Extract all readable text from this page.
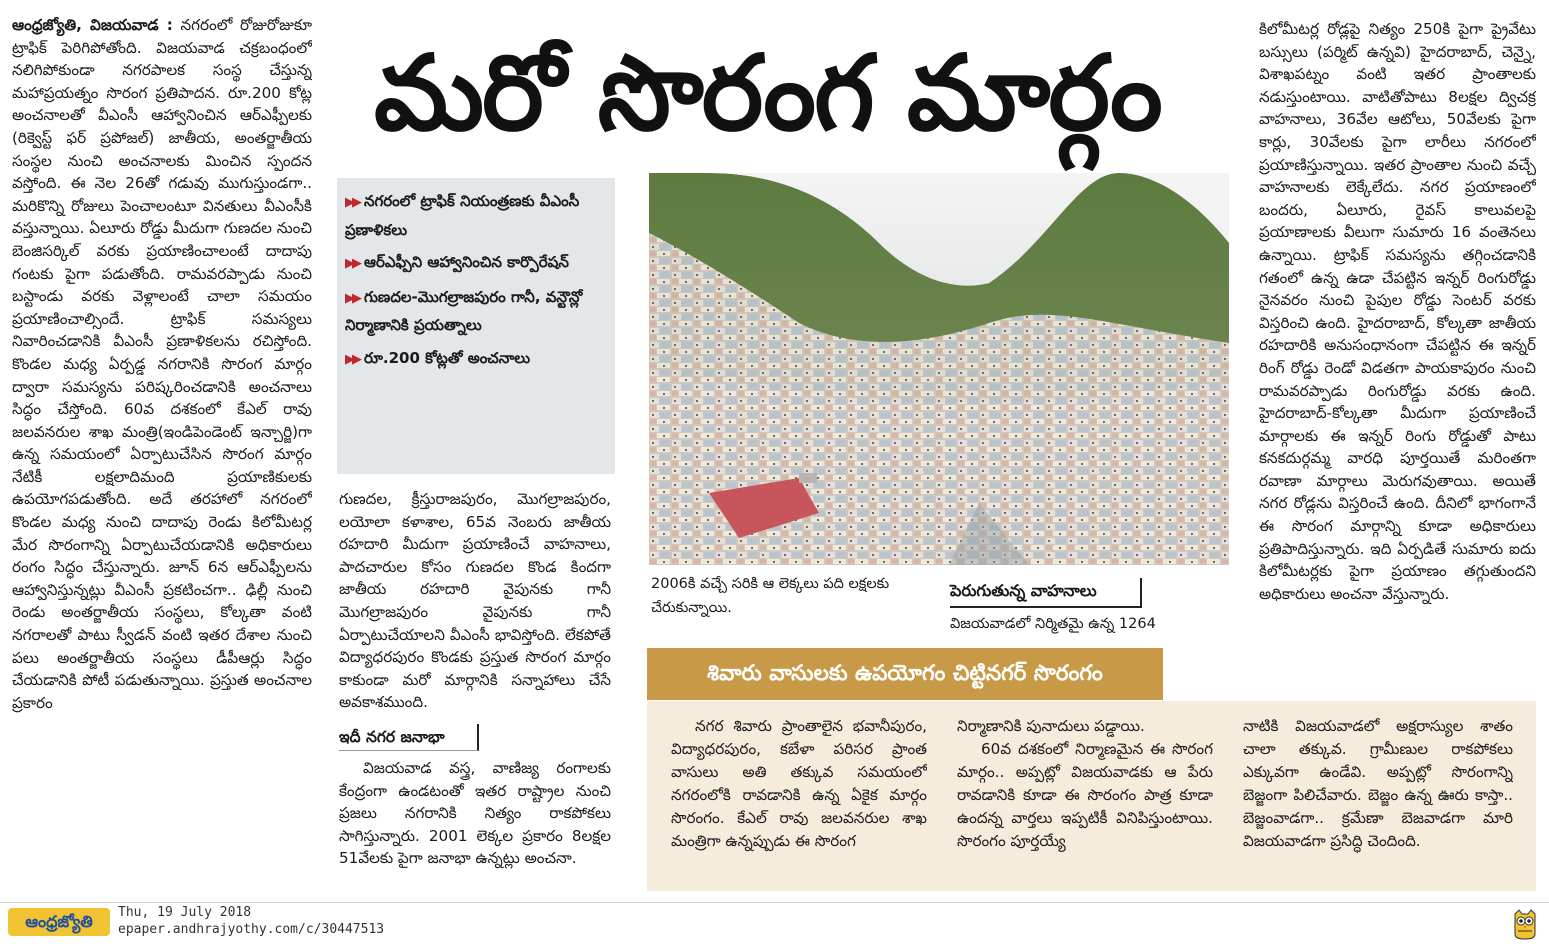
ఆంధ్రజ్యోతి, విజయవాడ : నగరంలో రోజురోజుకూ ట్రాఫిక్ పెరిగిపోతోంది. విజయవాడ చక్రబంధంలో నలిగిపోకుండా నగరపాలక సంస్థ చేస్తున్న మహాప్రయత్నం సొరంగ ప్రతిపాదన. రూ.200 కోట్ల అంచనాలతో వీఎంసీ ఆహ్వానించిన ఆర్ఎఫ్పీలకు (రిక్వెస్ట్ ఫర్ ప్రపోజల్) జాతీయ, అంతర్జాతీయ సంస్థల నుంచి అంచనాలకు మించిన స్పందన వస్తోంది. ఈ నెల 26తో గడువు ముగుస్తుండగా.. మరికొన్ని రోజులు పెంచాలంటూ వినతులు వీఎంసీకి వస్తున్నాయి. ఏలూరు రోడ్డు మీదుగా గుణదల నుంచి బెంజిసర్కిల్ వరకు ప్రయాణించాలంటే దాదాపు గంటకు పైగా పడుతోంది. రామవరప్పాడు నుంచి బస్టాండు వరకు వెళ్లాలంటే చాలా సమయం ప్రయాణించాల్సిందే. ట్రాఫిక్ సమస్యలు నివారించడానికి వీఎంసీ ప్రణాళికలను రచిస్తోంది. కొండల మధ్య ఏర్పడ్డ నగరానికి సొరంగ మార్గం ద్వారా సమస్యను పరిష్కరించడానికి అంచనాలు సిద్ధం చేస్తోంది. 60వ దశకంలో కేఎల్ రావు జలవనరుల శాఖ మంత్రి(ఇండిపెండెంట్ ఇన్చార్జి)గా ఉన్న సమయంలో ఏర్పాటుచేసిన సొరంగ మార్గం నేటికీ లక్షలాదిమంది ప్రయాణికులకు ఉపయోగపడుతోంది. అదే తరహాలో నగరంలో కొండల మధ్య నుంచి దాదాపు రెండు కిలోమీటర్ల మేర సొరంగాన్ని ఏర్పాటుచేయడానికి అధికారులు రంగం సిద్ధం చేస్తున్నారు. జూన్ 6న ఆర్ఎఫ్పీలను ఆహ్వానిస్తున్నట్లు వీఎంసీ ప్రకటించగా.. ఢిల్లీ నుంచి రెండు అంతర్జాతీయ సంస్థలు, కోల్కతా వంటి నగరాలతో పాటు స్వీడన్ వంటి ఇతర దేశాల నుంచి పలు అంతర్జాతీయ సంస్థలు డీపీఆర్లు సిద్ధం చేయడానికి పోటీ పడుతున్నాయి. ప్రస్తుత అంచనాల ప్రకారం

మరో సొరంగ మార్గం

▶▶ నగరంలో ట్రాఫిక్ నియంత్రణకు వీఎంసీ ప్రణాళికలు

▶▶ ఆర్ఎఫ్పీని ఆహ్వానించిన కార్పొరేషన్

▶▶ గుణదల-మొగల్రాజపురం గానీ, వన్టౌన్లో నిర్మాణానికి ప్రయత్నాలు

▶▶ రూ.200 కోట్లతో అంచనాలు

గుణదల, క్రీస్తురాజపురం, మొగల్రాజపురం, లయోలా కళాశాల, 65వ నెంబరు జాతీయ రహదారి మీదుగా ప్రయాణించే వాహనాలు, పాదచారుల కోసం గుణదల కొండ కిందగా జాతీయ రహదారి వైపునకు గానీ మొగల్రాజపురం వైపునకు గానీ ఏర్పాటుచేయాలని వీఎంసీ భావిస్తోంది. లేకపోతే విద్యాధరపురం కొండకు ప్రస్తుత సొరంగ మార్గం కాకుండా మరో మార్గానికి సన్నాహాలు చేసే అవకాశముంది.

ఇదీ నగర జనాభా

విజయవాడ వస్త్ర, వాణిజ్య రంగాలకు కేంద్రంగా ఉండటంతో ఇతర రాష్ట్రాల నుంచి ప్రజలు నగరానికి నిత్యం రాకపోకలు సాగిస్తున్నారు. 2001 లెక్కల ప్రకారం 8లక్షల 51వేలకు పైగా జనాభా ఉన్నట్లు అంచనా.

2006కి వచ్చే సరికి ఆ లెక్కలు పది లక్షలకు చేరుకున్నాయి.
పెరుగుతున్న వాహనాలు
విజయవాడలో నిర్మితమై ఉన్న 1264

కిలోమీటర్ల రోడ్లపై నిత్యం 250కి పైగా ప్రైవేటు బస్సులు (పర్మిట్ ఉన్నవి) హైదరాబాద్, చెన్నై, విశాఖపట్నం వంటి ఇతర ప్రాంతాలకు నడుస్తుంటాయి. వాటితోపాటు 8లక్షల ద్విచక్ర వాహనాలు, 36వేల ఆటోలు, 50వేలకు పైగా కార్లు, 30వేలకు పైగా లారీలు నగరంలో ప్రయాణిస్తున్నాయి. ఇతర ప్రాంతాల నుంచి వచ్చే వాహనాలకు లెక్కేలేదు. నగర ప్రయాణంలో బందరు, ఏలూరు, రైవస్ కాలువలపై ప్రయాణాలకు వీలుగా సుమారు 16 వంతెనలు ఉన్నాయి. ట్రాఫిక్ సమస్యను తగ్గించడానికి గతంలో ఉన్న ఉడా చేపట్టిన ఇన్నర్ రింగురోడ్డు నైనవరం నుంచి పైపుల రోడ్డు సెంటర్ వరకు విస్తరించి ఉంది. హైదరాబాద్, కోల్కతా జాతీయ రహదారికి అనుసంధానంగా చేపట్టిన ఈ ఇన్నర్ రింగ్ రోడ్డు రెండో విడతగా పాయకాపురం నుంచి రామవరప్పాడు రింగురోడ్డు వరకు ఉంది. హైదరాబాద్-కోల్కతా మీదుగా ప్రయాణించే మార్గాలకు ఈ ఇన్నర్ రింగు రోడ్డుతో పాటు కనకదుర్గమ్మ వారధి పూర్తయితే మరింతగా రవాణా మార్గాలు మెరుగవుతాయి. అయితే నగర రోడ్లను విస్తరించే ఉంది. దీనిలో భాగంగానే ఈ సొరంగ మార్గాన్ని కూడా అధికారులు ప్రతిపాదిస్తున్నారు. ఇది ఏర్పడితే సుమారు ఐదు కిలోమీటర్లకు పైగా ప్రయాణం తగ్గుతుందని అధికారులు అంచనా వేస్తున్నారు.

శివారు వాసులకు ఉపయోగం చిట్టినగర్ సొరంగం

నగర శివారు ప్రాంతాలైన భవానీపురం, విద్యాధరపురం, కబేళా పరిసర ప్రాంత వాసులు అతి తక్కువ సమయంలో నగరంలోకి రావడానికి ఉన్న ఏకైక మార్గం సొరంగం. కేఎల్ రావు జలవనరుల శాఖ మంత్రిగా ఉన్నప్పుడు ఈ సొరంగ

నిర్మాణానికి పునాదులు పడ్డాయి.

60వ దశకంలో నిర్మాణమైన ఈ సొరంగ మార్గం.. అప్పట్లో విజయవాడకు ఆ పేరు రావడానికి కూడా ఈ సొరంగం పాత్ర కూడా ఉందన్న వార్తలు ఇప్పటికీ వినిపిస్తుంటాయి. సొరంగం పూర్తయ్యే

నాటికి విజయవాడలో అక్షరాస్యుల శాతం చాలా తక్కువ. గ్రామీణుల రాకపోకలు ఎక్కువగా ఉండేవి. అప్పట్లో సొరంగాన్ని బెజ్జంగా పిలిచేవారు. బెజ్జం ఉన్న ఊరు కాస్తా.. బెజ్జంవాడగా.. క్రమేణా బెజవాడగా మారి విజయవాడగా ప్రసిద్ధి చెందింది.

ఆంధ్రజ్యోతి	Thu, 19 July 2018
epaper.andhrajyothy.com/c/30447513
